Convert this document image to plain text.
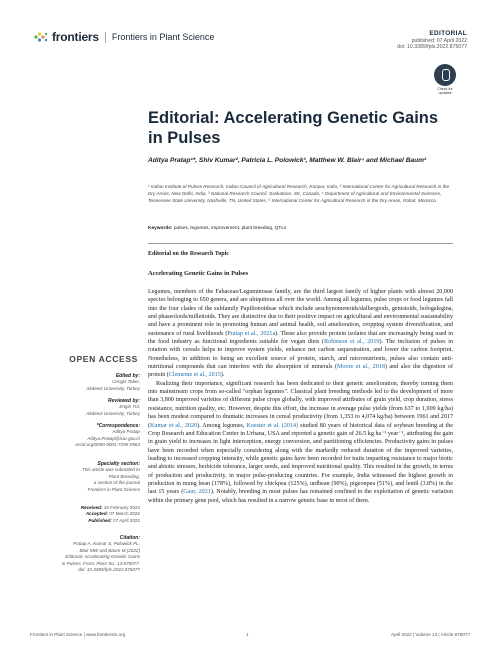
frontiers	Frontiers in Plant Science	EDITORIAL
published: 07 April 2022
doi: 10.3389/fpls.2022.875077
Check for
updates
Editorial: Accelerating Genetic Gains in Pulses
Aditya Pratap¹*, Shiv Kumar², Patricia L. Polowick³, Matthew W. Blair⁴ and Michael Baum²
¹ Indian Institute of Pulses Research, Indian Council of Agricultural Research, Kanpur, India, ² International Center for Agricultural Research in the Dry Areas, New Delhi, India, ³ National Research Council, Saskatoon, SK, Canada, ⁴ Department of Agricultural and Environmental Sciences, Tennessee State University, Nashville, TN, United States, ⁵ International Center for Agricultural Research in the Dry Areas, Rabat, Morocco
Keywords: pulses, legumes, improvement, plant breeding, QTLs
Editorial on the Research Topic
Accelerating Genetic Gains in Pulses

Legumes, members of the Fabaceae/Leguminosae family, are the third largest family of higher plants with almost 20,000 species belonging to 650 genera, and are ubiquitous all over the world. Among all legumes, pulse crops or food legumes fall into the four clades of the subfamily Papilionoideae which include aeschynomenoids/dalbergiods, genistoids, hologalegina, and phaseoloids/millettoids. They are distinctive due to their positive impact on agricultural and environmental sustainability and have a prominent role in promoting human and animal health, soil amelioration, cropping system diversification, and sustenance of rural livelihoods (Pratap et al., 2021a). These also provide protein isolates that are increasingly being used in the food industry as functional ingredients suitable for vegan diets (Robinson et al., 2019). The inclusion of pulses in rotation with cereals helps to improve system yields, enhance net carbon sequestration, and lower the carbon footprint. Nonetheless, in addition to being an excellent source of protein, starch, and micronutrients, pulses also contain anti-nutritional compounds that can interfere with the absorption of minerals (Moore et al., 2018) and also the digestion of protein (Clemente et al., 2015).

Realizing their importance, significant research has been dedicated to their genetic amelioration, thereby turning them into mainstream crops from so-called "orphan legumes". Classical plant breeding methods led to the development of more than 3,800 improved varieties of different pulse crops globally, with improved attributes of grain yield, crop duration, stress resistance, nutrition quality, etc. However, despite this effort, the increase in average pulse yields (from 637 to 1,009 kg/ha) has been modest compared to dramatic increases in cereal productivity (from 1,353 to 4,074 kg/ha) between 1961 and 2017 (Kumar et al., 2020). Among legumes, Koester et al. (2014) studied 80 years of historical data of soybean breeding at the Crop Research and Education Center in Urbana, USA and reported a genetic gain of 26.5 kg ha⁻¹ year⁻¹, attributing the gain in grain yield to increases in light interception, energy conversion, and partitioning efficiencies. Productivity gains in pulses have been recorded when especially considering along with the markedly reduced duration of the improved varieties, leading to increased cropping intensity, while genetic gains have been recorded for traits imparting resistance to major biotic and abiotic stresses, herbicide tolerance, larger seeds, and improved nutritional quality. This resulted in the growth, in terms of production and productivity, in major pulse-producing countries. For example, India witnessed the highest growth in production in mung bean (178%), followed by chickpea (125%), urdbean (90%), pigeonpea (51%), and lentil (3.8%) in the last 15 years (Gaur, 2021). Notably, breeding in most pulses has remained confined to the exploitation of genetic variation within the primary gene pool, which has resulted in a narrow genetic base in most of them.

OPEN ACCESS
Edited by:
Cengiz Toker,
Akdeniz University, Turkey
Reviewed by:
Engin Yol,
Akdeniz University, Turkey
*Correspondence:
Aditya Pratap
Aditya.Pratap@icar.gov.in
orcid.org/0000-0001-7290-0563
Specialty section:
This article was submitted to
Plant Breeding,
a section of the journal
Frontiers in Plant Science
Received: 19 February 2022
Accepted: 07 March 2022
Published: 07 April 2022
Citation:
Pratap A, Kumar S, Polowick PL,
Blair MW and Baum M (2022)
Editorial: Accelerating Genetic Gains
in Pulses. Front. Plant Sci. 13:875077.
doi: 10.3389/fpls.2022.875077
Frontiers in Plant Science | www.frontiersin.org	1	April 2022 | Volume 13 | Article 875077
